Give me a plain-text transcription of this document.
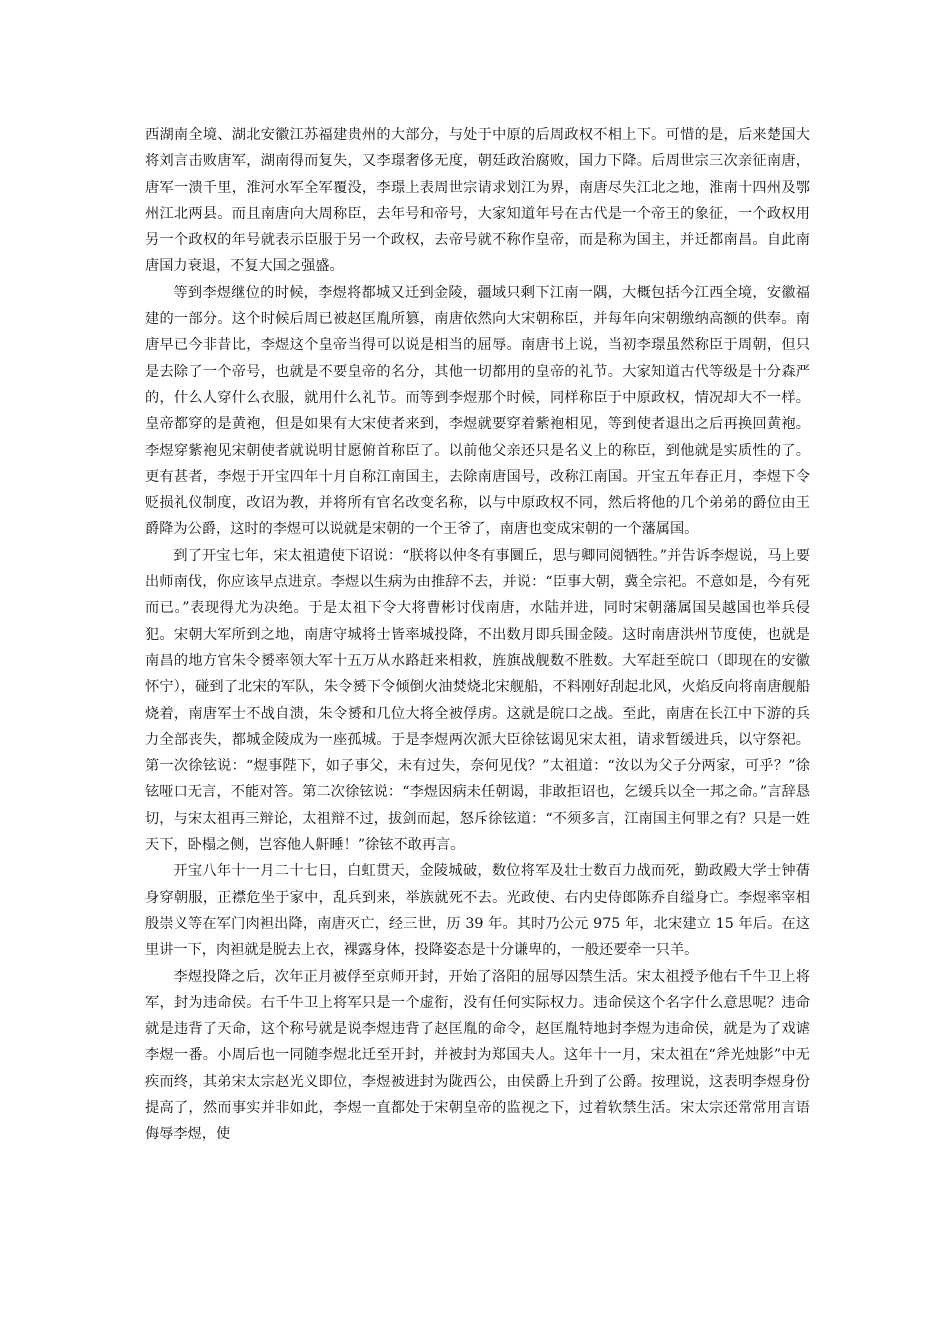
西湖南全境、湖北安徽江苏福建贵州的大部分，与处于中原的后周政权不相上下。可惜的是，后来楚国大将刘言击败唐军，湖南得而复失，又李璟奢侈无度，朝廷政治腐败，国力下降。后周世宗三次亲征南唐，唐军一溃千里，淮河水军全军覆没，李璟上表周世宗请求划江为界，南唐尽失江北之地，淮南十四州及鄂州江北两县。而且南唐向大周称臣，去年号和帝号，大家知道年号在古代是一个帝王的象征，一个政权用另一个政权的年号就表示臣服于另一个政权，去帝号就不称作皇帝，而是称为国主，并迁都南昌。自此南唐国力衰退，不复大国之强盛。

等到李煜继位的时候，李煜将都城又迁到金陵，疆域只剩下江南一隅，大概包括今江西全境，安徽福建的一部分。这个时候后周已被赵匡胤所篡，南唐依然向大宋朝称臣，并每年向宋朝缴纳高额的供奉。南唐早已今非昔比，李煜这个皇帝当得可以说是相当的屈辱。南唐书上说，当初李璟虽然称臣于周朝，但只是去除了一个帝号，也就是不要皇帝的名分，其他一切都用的皇帝的礼节。大家知道古代等级是十分森严的，什么人穿什么衣服，就用什么礼节。而等到李煜那个时候，同样称臣于中原政权，情况却大不一样。皇帝都穿的是黄袍，但是如果有大宋使者来到，李煜就要穿着紫袍相见，等到使者退出之后再换回黄袍。李煜穿紫袍见宋朝使者就说明甘愿俯首称臣了。以前他父亲还只是名义上的称臣，到他就是实质性的了。更有甚者，李煜于开宝四年十月自称江南国主，去除南唐国号，改称江南国。开宝五年春正月，李煜下令贬损礼仪制度，改诏为教，并将所有官名改变名称，以与中原政权不同，然后将他的几个弟弟的爵位由王爵降为公爵，这时的李煜可以说就是宋朝的一个王爷了，南唐也变成宋朝的一个藩属国。

到了开宝七年，宋太祖遣使下诏说：“朕将以仲冬有事圜丘，思与卿同阅牺牲。”并告诉李煜说，马上要出师南伐，你应该早点进京。李煜以生病为由推辞不去，并说：“臣事大朝，冀全宗祀。不意如是，今有死而已。”表现得尤为决绝。于是太祖下令大将曹彬讨伐南唐，水陆并进，同时宋朝藩属国吴越国也举兵侵犯。宋朝大军所到之地，南唐守城将士皆率城投降，不出数月即兵围金陵。这时南唐洪州节度使，也就是南昌的地方官朱令赟率领大军十五万从水路赶来相救，旌旗战舰数不胜数。大军赶至皖口（即现在的安徽怀宁），碰到了北宋的军队，朱令赟下令倾倒火油焚烧北宋舰船，不料刚好刮起北风，火焰反向将南唐舰船烧着，南唐军士不战自溃，朱令赟和几位大将全被俘虏。这就是皖口之战。至此，南唐在长江中下游的兵力全部丧失，都城金陵成为一座孤城。于是李煜两次派大臣徐铉谒见宋太祖，请求暂缓进兵，以守祭祀。第一次徐铉说：“煜事陛下，如子事父，未有过失，奈何见伐？”太祖道：“汝以为父子分两家，可乎？”徐铉哑口无言，不能对答。第二次徐铉说：“李煜因病未任朝谒，非敢拒诏也，乞缓兵以全一邦之命。”言辞恳切，与宋太祖再三辩论，太祖辩不过，拔剑而起，怒斥徐铉道：“不须多言，江南国主何罪之有？只是一姓天下，卧榻之侧，岂容他人鼾睡！”徐铉不敢再言。

开宝八年十一月二十七日，白虹贯天，金陵城破，数位将军及壮士数百力战而死，勤政殿大学士钟蒨身穿朝服，正襟危坐于家中，乱兵到来，举族就死不去。光政使、右内史侍郎陈乔自缢身亡。李煜率宰相殷崇义等在军门肉袒出降，南唐灭亡，经三世，历 39 年。其时乃公元 975 年，北宋建立 15 年后。在这里讲一下，肉袒就是脱去上衣，裸露身体，投降姿态是十分谦卑的，一般还要牵一只羊。

李煜投降之后，次年正月被俘至京师开封，开始了洛阳的屈辱囚禁生活。宋太祖授予他右千牛卫上将军，封为违命侯。右千牛卫上将军只是一个虚衔，没有任何实际权力。违命侯这个名字什么意思呢？违命就是违背了天命，这个称号就是说李煜违背了赵匡胤的命令，赵匡胤特地封李煜为违命侯，就是为了戏谑李煜一番。小周后也一同随李煜北迁至开封，并被封为郑国夫人。这年十一月，宋太祖在“斧光烛影”中无疾而终，其弟宋太宗赵光义即位，李煜被进封为陇西公，由侯爵上升到了公爵。按理说，这表明李煜身份提高了，然而事实并非如此，李煜一直都处于宋朝皇帝的监视之下，过着软禁生活。宋太宗还常常用言语侮辱李煜，使
